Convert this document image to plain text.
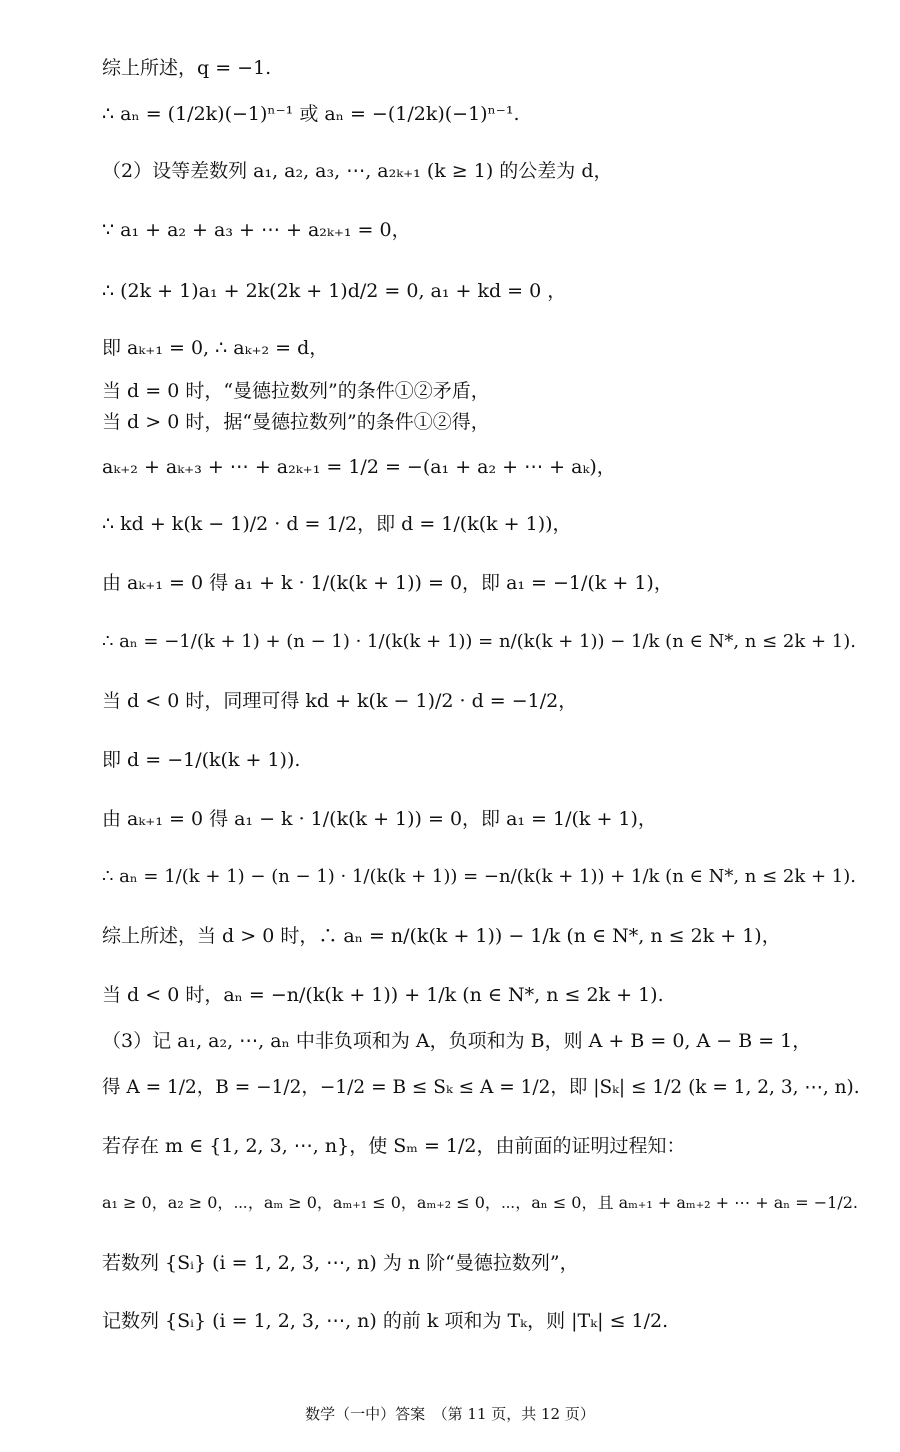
综上所述，q = −1.
∴ aₙ = (1/2k)(−1)ⁿ⁻¹ 或 aₙ = −(1/2k)(−1)ⁿ⁻¹.
（2）设等差数列 a₁, a₂, a₃, ⋯, a₂ₖ₊₁ (k ≥ 1) 的公差为 d，
∵ a₁ + a₂ + a₃ + ⋯ + a₂ₖ₊₁ = 0，
∴ (2k + 1)a₁ + 2k(2k + 1)d/2 = 0, a₁ + kd = 0 ，
即 aₖ₊₁ = 0, ∴ aₖ₊₂ = d，
当 d = 0 时，“曼德拉数列”的条件①②矛盾，
当 d > 0 时，据“曼德拉数列”的条件①②得，
aₖ₊₂ + aₖ₊₃ + ⋯ + a₂ₖ₊₁ = 1/2 = −(a₁ + a₂ + ⋯ + aₖ)，
∴ kd + k(k − 1)/2 · d = 1/2，即 d = 1/(k(k + 1))，
由 aₖ₊₁ = 0 得 a₁ + k · 1/(k(k + 1)) = 0，即 a₁ = −1/(k + 1)，
∴ aₙ = −1/(k + 1) + (n − 1) · 1/(k(k + 1)) = n/(k(k + 1)) − 1/k (n ∈ N*, n ≤ 2k + 1).
当 d < 0 时，同理可得 kd + k(k − 1)/2 · d = −1/2，
即 d = −1/(k(k + 1)).
由 aₖ₊₁ = 0 得 a₁ − k · 1/(k(k + 1)) = 0，即 a₁ = 1/(k + 1)，
∴ aₙ = 1/(k + 1) − (n − 1) · 1/(k(k + 1)) = −n/(k(k + 1)) + 1/k (n ∈ N*, n ≤ 2k + 1).
综上所述，当 d > 0 时，∴ aₙ = n/(k(k + 1)) − 1/k (n ∈ N*, n ≤ 2k + 1)，
当 d < 0 时，aₙ = −n/(k(k + 1)) + 1/k (n ∈ N*, n ≤ 2k + 1).
（3）记 a₁, a₂, ⋯, aₙ 中非负项和为 A，负项和为 B，则 A + B = 0, A − B = 1，
得 A = 1/2，B = −1/2，−1/2 = B ≤ Sₖ ≤ A = 1/2，即 |Sₖ| ≤ 1/2 (k = 1, 2, 3, ⋯, n).
若存在 m ∈ {1, 2, 3, ⋯, n}，使 Sₘ = 1/2，由前面的证明过程知：
a₁ ≥ 0，a₂ ≥ 0，⋯，aₘ ≥ 0，aₘ₊₁ ≤ 0，aₘ₊₂ ≤ 0，⋯，aₙ ≤ 0，且 aₘ₊₁ + aₘ₊₂ + ⋯ + aₙ = −1/2.
若数列 {Sᵢ} (i = 1, 2, 3, ⋯, n) 为 n 阶“曼德拉数列”，
记数列 {Sᵢ} (i = 1, 2, 3, ⋯, n) 的前 k 项和为 Tₖ，则 |Tₖ| ≤ 1/2.
数学（一中）答案　（第 11 页，共 12 页）
